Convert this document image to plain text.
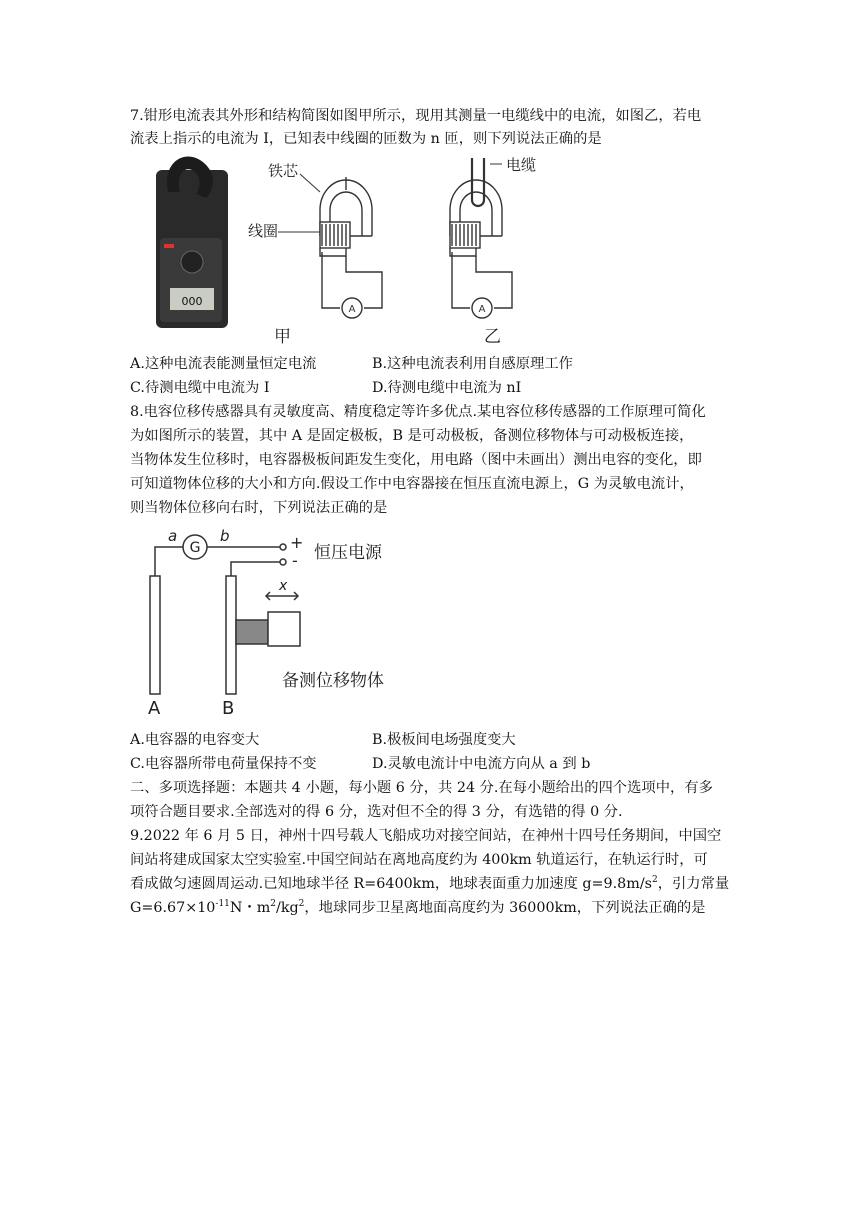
7.钳形电流表其外形和结构简图如图甲所示，现用其测量一电缆线中的电流，如图乙，若电
流表上指示的电流为 I，已知表中线圈的匝数为 n 匝，则下列说法正确的是
000
A
铁芯
线圈
甲
A
电缆
乙
A.这种电流表能测量恒定电流	B.这种电流表利用自感原理工作
C.待测电缆中电流为 I	D.待测电缆中电流为 nI
8.电容位移传感器具有灵敏度高、精度稳定等许多优点.某电容位移传感器的工作原理可简化
为如图所示的装置，其中 A 是固定极板，B 是可动极板，备测位移物体与可动极板连接，
当物体发生位移时，电容器极板间距发生变化，用电路（图中未画出）测出电容的变化，即
可知道物体位移的大小和方向.假设工作中电容器接在恒压直流电源上，G 为灵敏电流计，
则当物体位移向右时，下列说法正确的是
G
a	b	+
- 恒压电源
x
备测位移物体
A	B
A.电容器的电容变大	B.极板间电场强度变大
C.电容器所带电荷量保持不变	D.灵敏电流计中电流方向从 a 到 b
二、多项选择题：本题共 4 小题，每小题 6 分，共 24 分.在每小题给出的四个选项中，有多
项符合题目要求.全部选对的得 6 分，选对但不全的得 3 分，有选错的得 0 分.
9.2022 年 6 月 5 日，神州十四号载人飞船成功对接空间站，在神州十四号任务期间，中国空
间站将建成国家太空实验室.中国空间站在离地高度约为 400km 轨道运行，在轨运行时，可
看成做匀速圆周运动.已知地球半径 R=6400km，地球表面重力加速度 $g=9.8m/s^2$，引力常量
$G=6.67\times 10^{-11}N$・$m^2/kg^2$，地球同步卫星离地面高度约为 36000km，下列说法正确的是
